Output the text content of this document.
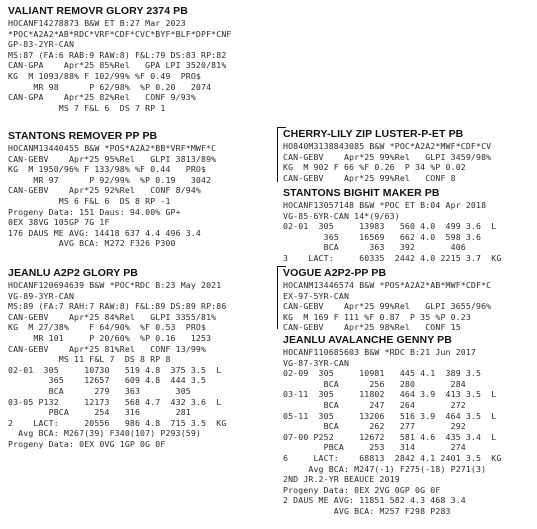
VALIANT REMOVR GLORY 2374 PB
HOCANF14278873 B&W ET B:27 Mar 2023
*POC*A2A2*AB*RDC*VRF*CDF*CVC*BYF*BLF*DPF*CNF
GP-83-2YR-CAN
MS:87 (FA:6 RAB:9 RAW:8) F&L:79 DS:83 RP:82
CAN-GPA    Apr*25 85%Rel   GPA LPI 3520/81%
KG  M 1093/88% F 102/99% %F 0.49  PRO$
MR 98      P 62/98%  %P 0.20   2074
CAN-GPA    Apr*25 82%Rel   CONF 9/93%
MS 7 F&L 6  DS 7 RP 1
STANTONS REMOVER PP PB
HOCANM13440455 B&W *POS*A2A2*BB*VRF*MWF*C
CAN-GEBV    Apr*25 95%Rel   GLPI 3813/89%
KG  M 1950/96% F 133/98% %F 0.44   PRO$
MR 97      P 92/99%  %P 0.19   3042
CAN-GEBV    Apr*25 92%Rel   CONF 8/94%
MS 6 F&L 6  DS 8 RP -1
Progeny Data: 151 Daus: 94.00% GP+
0EX 38VG 105GP 7G 1F
176 DAUS ME AVG: 14418 637 4.4 496 3.4
AVG BCA: M272 F326 P300
JEANLU A2P2 GLORY PB
HOCANF120694639 B&W *POC*RDC B:23 May 2021
VG-89-3YR-CAN
MS:89 (FA:7 RAH:7 RAW:8) F&L:89 DS:89 RP:86
CAN-GEBV    Apr*25 84%Rel   GLPI 3355/81%
KG  M 27/38%    F 64/90%  %F 0.53  PRO$
MR 101     P 20/60%  %P 0.16   1253
CAN-GEBV    Apr*25 81%Rel   CONF 13/99%
MS 11 F&L 7  DS 8 RP 8
02-01  305     10730   519 4.8  375 3.5  L
365    12657   609 4.8  444 3.5
BCA      279   363       305
03-05 P132     12173   568 4.7  432 3.6  L
PBCA     254   316       281
2    LACT:     20556   986 4.8  715 3.5  KG
Avg BCA: M267(39) F340(107) P293(59)
Progeny Data: 0EX 0VG 1GP 0G 0F
CHERRY-LILY ZIP LUSTER-P-ET PB
HO840M3138843085 B&W *POC*A2A2*MWF*CDF*CV
CAN-GEBV    Apr*25 99%Rel   GLPI 3459/98%
KG  M 902 F 66 %F 0.26  P 34 %P 0.02
CAN-GEBV    Apr*25 99%Rel   CONF 8
STANTONS BIGHIT MAKER PB
HOCANF13057148 B&W *POC ET B:04 Apr 2018
VG-85-6YR-CAN 14*(9/63)
02-01  305     13983   560 4.0  499 3.6  L
365    16569   662 4.0  598 3.6
BCA      363   392       406
3    LACT:     60335  2442 4.0 2215 3.7  KG
VOGUE A2P2-PP PB
HOCANM13446574 B&W *POS*A2A2*AB*MWF*CDF*C
EX-97-5YR-CAN
CAN-GEBV    Apr*25 99%Rel   GLPI 3655/96%
KG  M 169 F 111 %F 0.87  P 35 %P 0.23
CAN-GEBV    Apr*25 98%Rel   CONF 15
JEANLU AVALANCHE GENNY PB
HOCANF110685603 B&W *RDC B:21 Jun 2017
VG-87-3YR-CAN
02-09  305     10981   445 4.1  389 3.5
BCA      256   280       284
03-11  305     11802   464 3.9  413 3.5  L
BCA      247   264       272
05-11  305     13206   516 3.9  464 3.5  L
BCA      262   277       292
07-00 P252     12672   581 4.6  435 3.4  L
PBCA     253   314       274
6     LACT:    68813  2842 4.1 2401 3.5  KG
Avg BCA: M247(-1) F275(-18) P271(3)
2ND JR.2-YR BEAUCE 2019
Progeny Data: 0EX 2VG 0GP 0G 0F
2 DAUS ME AVG: 11851 582 4.3 468 3.4
AVG BCA: M257 F298 P283
